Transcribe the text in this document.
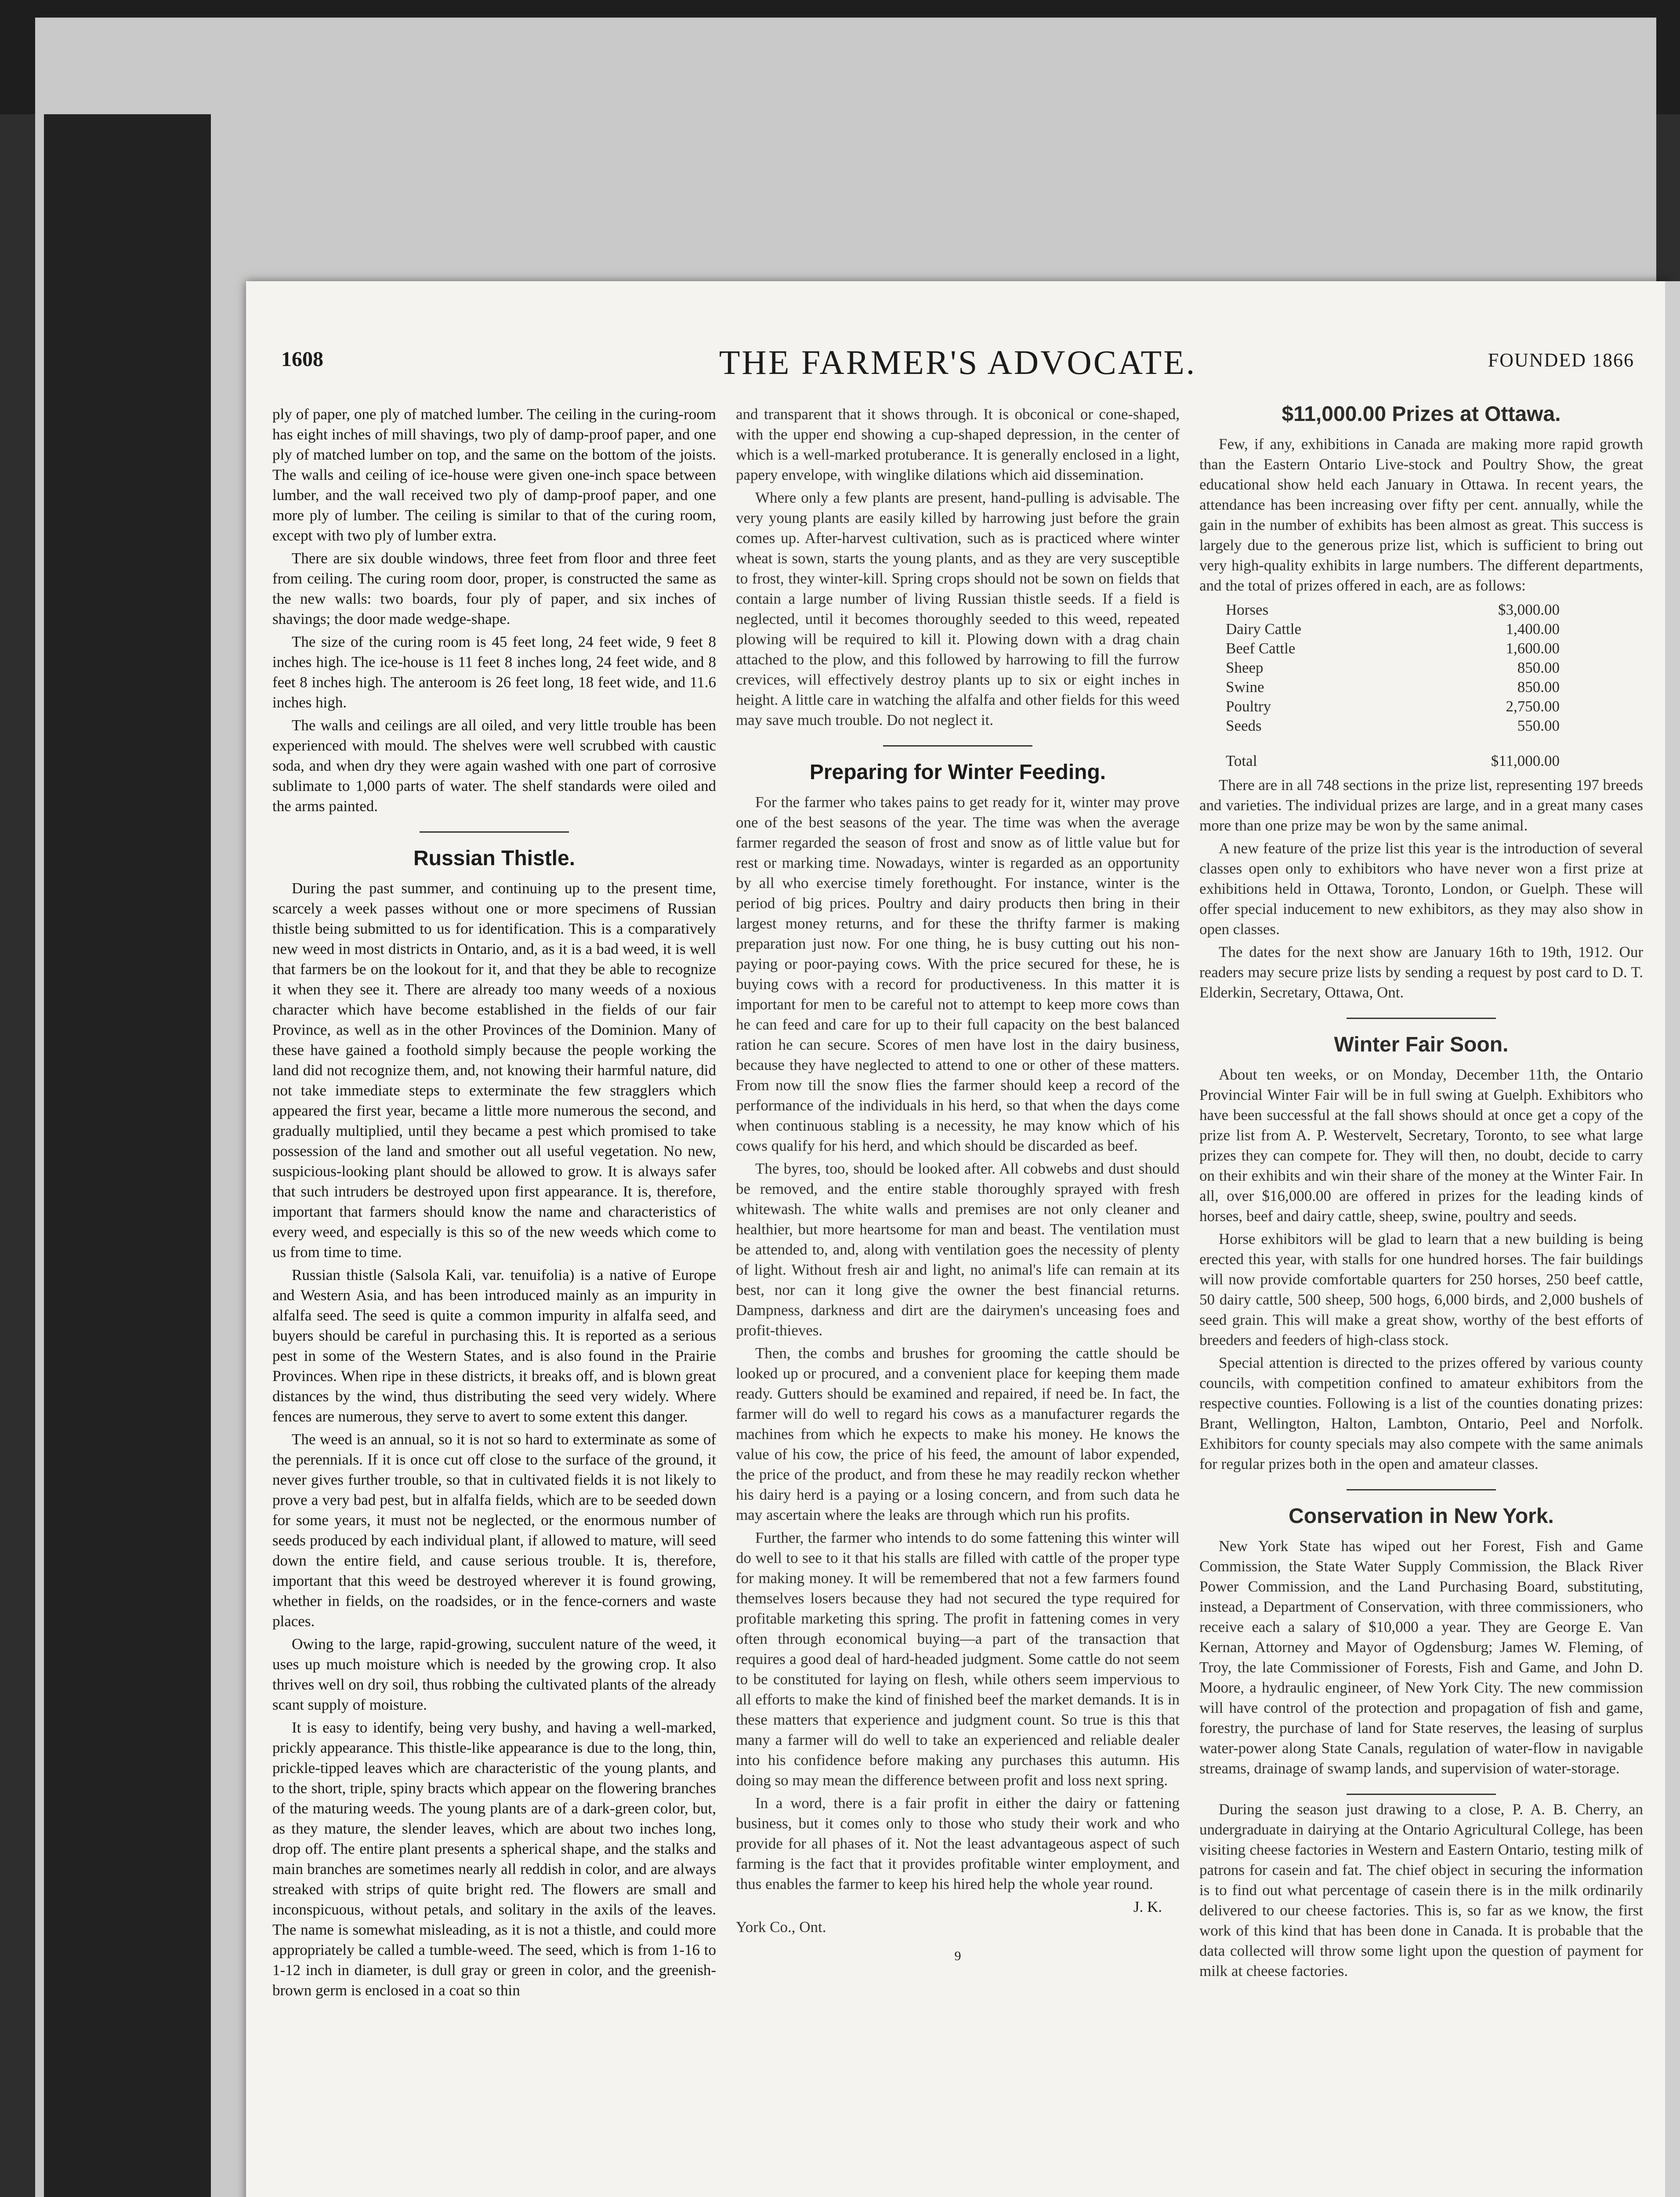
1608	THE FARMER'S ADVOCATE.	FOUNDED 1866

ply of paper, one ply of matched lumber. The ceiling in the curing-room has eight inches of mill shavings, two ply of damp-proof paper, and one ply of matched lumber on top, and the same on the bottom of the joists. The walls and ceiling of ice-house were given one-inch space between lumber, and the wall received two ply of damp-proof paper, and one more ply of lumber. The ceiling is similar to that of the curing room, except with two ply of lumber extra.

There are six double windows, three feet from floor and three feet from ceiling. The curing room door, proper, is constructed the same as the new walls: two boards, four ply of paper, and six inches of shavings; the door made wedge-shape.

The size of the curing room is 45 feet long, 24 feet wide, 9 feet 8 inches high. The ice-house is 11 feet 8 inches long, 24 feet wide, and 8 feet 8 inches high. The anteroom is 26 feet long, 18 feet wide, and 11.6 inches high.

The walls and ceilings are all oiled, and very little trouble has been experienced with mould. The shelves were well scrubbed with caustic soda, and when dry they were again washed with one part of corrosive sublimate to 1,000 parts of water. The shelf standards were oiled and the arms painted.

Russian Thistle.

During the past summer, and continuing up to the present time, scarcely a week passes without one or more specimens of Russian thistle being submitted to us for identification. This is a comparatively new weed in most districts in Ontario, and, as it is a bad weed, it is well that farmers be on the lookout for it, and that they be able to recognize it when they see it. There are already too many weeds of a noxious character which have become established in the fields of our fair Province, as well as in the other Provinces of the Dominion. Many of these have gained a foothold simply because the people working the land did not recognize them, and, not knowing their harmful nature, did not take immediate steps to exterminate the few stragglers which appeared the first year, became a little more numerous the second, and gradually multiplied, until they became a pest which promised to take possession of the land and smother out all useful vegetation. No new, suspicious-looking plant should be allowed to grow. It is always safer that such intruders be destroyed upon first appearance. It is, therefore, important that farmers should know the name and characteristics of every weed, and especially is this so of the new weeds which come to us from time to time.

Russian thistle (Salsola Kali, var. tenuifolia) is a native of Europe and Western Asia, and has been introduced mainly as an impurity in alfalfa seed. The seed is quite a common impurity in alfalfa seed, and buyers should be careful in purchasing this. It is reported as a serious pest in some of the Western States, and is also found in the Prairie Provinces. When ripe in these districts, it breaks off, and is blown great distances by the wind, thus distributing the seed very widely. Where fences are numerous, they serve to avert to some extent this danger.

The weed is an annual, so it is not so hard to exterminate as some of the perennials. If it is once cut off close to the surface of the ground, it never gives further trouble, so that in cultivated fields it is not likely to prove a very bad pest, but in alfalfa fields, which are to be seeded down for some years, it must not be neglected, or the enormous number of seeds produced by each individual plant, if allowed to mature, will seed down the entire field, and cause serious trouble. It is, therefore, important that this weed be destroyed wherever it is found growing, whether in fields, on the roadsides, or in the fence-corners and waste places.

Owing to the large, rapid-growing, succulent nature of the weed, it uses up much moisture which is needed by the growing crop. It also thrives well on dry soil, thus robbing the cultivated plants of the already scant supply of moisture.

It is easy to identify, being very bushy, and having a well-marked, prickly appearance. This thistle-like appearance is due to the long, thin, prickle-tipped leaves which are characteristic of the young plants, and to the short, triple, spiny bracts which appear on the flowering branches of the maturing weeds. The young plants are of a dark-green color, but, as they mature, the slender leaves, which are about two inches long, drop off. The entire plant presents a spherical shape, and the stalks and main branches are sometimes nearly all reddish in color, and are always streaked with strips of quite bright red. The flowers are small and inconspicuous, without petals, and solitary in the axils of the leaves. The name is somewhat misleading, as it is not a thistle, and could more appropriately be called a tumble-weed. The seed, which is from 1-16 to 1-12 inch in diameter, is dull gray or green in color, and the greenish-brown germ is enclosed in a coat so thin

and transparent that it shows through. It is obconical or cone-shaped, with the upper end showing a cup-shaped depression, in the center of which is a well-marked protuberance. It is generally enclosed in a light, papery envelope, with winglike dilations which aid dissemination.

Where only a few plants are present, hand-pulling is advisable. The very young plants are easily killed by harrowing just before the grain comes up. After-harvest cultivation, such as is practiced where winter wheat is sown, starts the young plants, and as they are very susceptible to frost, they winter-kill. Spring crops should not be sown on fields that contain a large number of living Russian thistle seeds. If a field is neglected, until it becomes thoroughly seeded to this weed, repeated plowing will be required to kill it. Plowing down with a drag chain attached to the plow, and this followed by harrowing to fill the furrow crevices, will effectively destroy plants up to six or eight inches in height. A little care in watching the alfalfa and other fields for this weed may save much trouble. Do not neglect it.

Preparing for Winter Feeding.

For the farmer who takes pains to get ready for it, winter may prove one of the best seasons of the year. The time was when the average farmer regarded the season of frost and snow as of little value but for rest or marking time. Nowadays, winter is regarded as an opportunity by all who exercise timely forethought. For instance, winter is the period of big prices. Poultry and dairy products then bring in their largest money returns, and for these the thrifty farmer is making preparation just now. For one thing, he is busy cutting out his non-paying or poor-paying cows. With the price secured for these, he is buying cows with a record for productiveness. In this matter it is important for men to be careful not to attempt to keep more cows than he can feed and care for up to their full capacity on the best balanced ration he can secure. Scores of men have lost in the dairy business, because they have neglected to attend to one or other of these matters. From now till the snow flies the farmer should keep a record of the performance of the individuals in his herd, so that when the days come when continuous stabling is a necessity, he may know which of his cows qualify for his herd, and which should be discarded as beef.

The byres, too, should be looked after. All cobwebs and dust should be removed, and the entire stable thoroughly sprayed with fresh whitewash. The white walls and premises are not only cleaner and healthier, but more heartsome for man and beast. The ventilation must be attended to, and, along with ventilation goes the necessity of plenty of light. Without fresh air and light, no animal's life can remain at its best, nor can it long give the owner the best financial returns. Dampness, darkness and dirt are the dairymen's unceasing foes and profit-thieves.

Then, the combs and brushes for grooming the cattle should be looked up or procured, and a convenient place for keeping them made ready. Gutters should be examined and repaired, if need be. In fact, the farmer will do well to regard his cows as a manufacturer regards the machines from which he expects to make his money. He knows the value of his cow, the price of his feed, the amount of labor expended, the price of the product, and from these he may readily reckon whether his dairy herd is a paying or a losing concern, and from such data he may ascertain where the leaks are through which run his profits.

Further, the farmer who intends to do some fattening this winter will do well to see to it that his stalls are filled with cattle of the proper type for making money. It will be remembered that not a few farmers found themselves losers because they had not secured the type required for profitable marketing this spring. The profit in fattening comes in very often through economical buying—a part of the transaction that requires a good deal of hard-headed judgment. Some cattle do not seem to be constituted for laying on flesh, while others seem impervious to all efforts to make the kind of finished beef the market demands. It is in these matters that experience and judgment count. So true is this that many a farmer will do well to take an experienced and reliable dealer into his confidence before making any purchases this autumn. His doing so may mean the difference between profit and loss next spring.

In a word, there is a fair profit in either the dairy or fattening business, but it comes only to those who study their work and who provide for all phases of it. Not the least advantageous aspect of such farming is the fact that it provides profitable winter employment, and thus enables the farmer to keep his hired help the whole year round.

J. K.

York Co., Ont.

9
$11,000.00 Prizes at Ottawa.

Few, if any, exhibitions in Canada are making more rapid growth than the Eastern Ontario Live-stock and Poultry Show, the great educational show held each January in Ottawa. In recent years, the attendance has been increasing over fifty per cent. annually, while the gain in the number of exhibits has been almost as great. This success is largely due to the generous prize list, which is sufficient to bring out very high-quality exhibits in large numbers. The different departments, and the total of prizes offered in each, are as follows:

Horses	$3,000.00
Dairy Cattle	1,400.00
Beef Cattle	1,600.00
Sheep	850.00
Swine	850.00
Poultry	2,750.00
Seeds	550.00
Total	$11,000.00

There are in all 748 sections in the prize list, representing 197 breeds and varieties. The individual prizes are large, and in a great many cases more than one prize may be won by the same animal.

A new feature of the prize list this year is the introduction of several classes open only to exhibitors who have never won a first prize at exhibitions held in Ottawa, Toronto, London, or Guelph. These will offer special inducement to new exhibitors, as they may also show in open classes.

The dates for the next show are January 16th to 19th, 1912. Our readers may secure prize lists by sending a request by post card to D. T. Elderkin, Secretary, Ottawa, Ont.

Winter Fair Soon.

About ten weeks, or on Monday, December 11th, the Ontario Provincial Winter Fair will be in full swing at Guelph. Exhibitors who have been successful at the fall shows should at once get a copy of the prize list from A. P. Westervelt, Secretary, Toronto, to see what large prizes they can compete for. They will then, no doubt, decide to carry on their exhibits and win their share of the money at the Winter Fair. In all, over $16,000.00 are offered in prizes for the leading kinds of horses, beef and dairy cattle, sheep, swine, poultry and seeds.

Horse exhibitors will be glad to learn that a new building is being erected this year, with stalls for one hundred horses. The fair buildings will now provide comfortable quarters for 250 horses, 250 beef cattle, 50 dairy cattle, 500 sheep, 500 hogs, 6,000 birds, and 2,000 bushels of seed grain. This will make a great show, worthy of the best efforts of breeders and feeders of high-class stock.

Special attention is directed to the prizes offered by various county councils, with competition confined to amateur exhibitors from the respective counties. Following is a list of the counties donating prizes: Brant, Wellington, Halton, Lambton, Ontario, Peel and Norfolk. Exhibitors for county specials may also compete with the same animals for regular prizes both in the open and amateur classes.

Conservation in New York.

New York State has wiped out her Forest, Fish and Game Commission, the State Water Supply Commission, the Black River Power Commission, and the Land Purchasing Board, substituting, instead, a Department of Conservation, with three commissioners, who receive each a salary of $10,000 a year. They are George E. Van Kernan, Attorney and Mayor of Ogdensburg; James W. Fleming, of Troy, the late Commissioner of Forests, Fish and Game, and John D. Moore, a hydraulic engineer, of New York City. The new commission will have control of the protection and propagation of fish and game, forestry, the purchase of land for State reserves, the leasing of surplus water-power along State Canals, regulation of water-flow in navigable streams, drainage of swamp lands, and supervision of water-storage.

During the season just drawing to a close, P. A. B. Cherry, an undergraduate in dairying at the Ontario Agricultural College, has been visiting cheese factories in Western and Eastern Ontario, testing milk of patrons for casein and fat. The chief object in securing the information is to find out what percentage of casein there is in the milk ordinarily delivered to our cheese factories. This is, so far as we know, the first work of this kind that has been done in Canada. It is probable that the data collected will throw some light upon the question of payment for milk at cheese factories.
